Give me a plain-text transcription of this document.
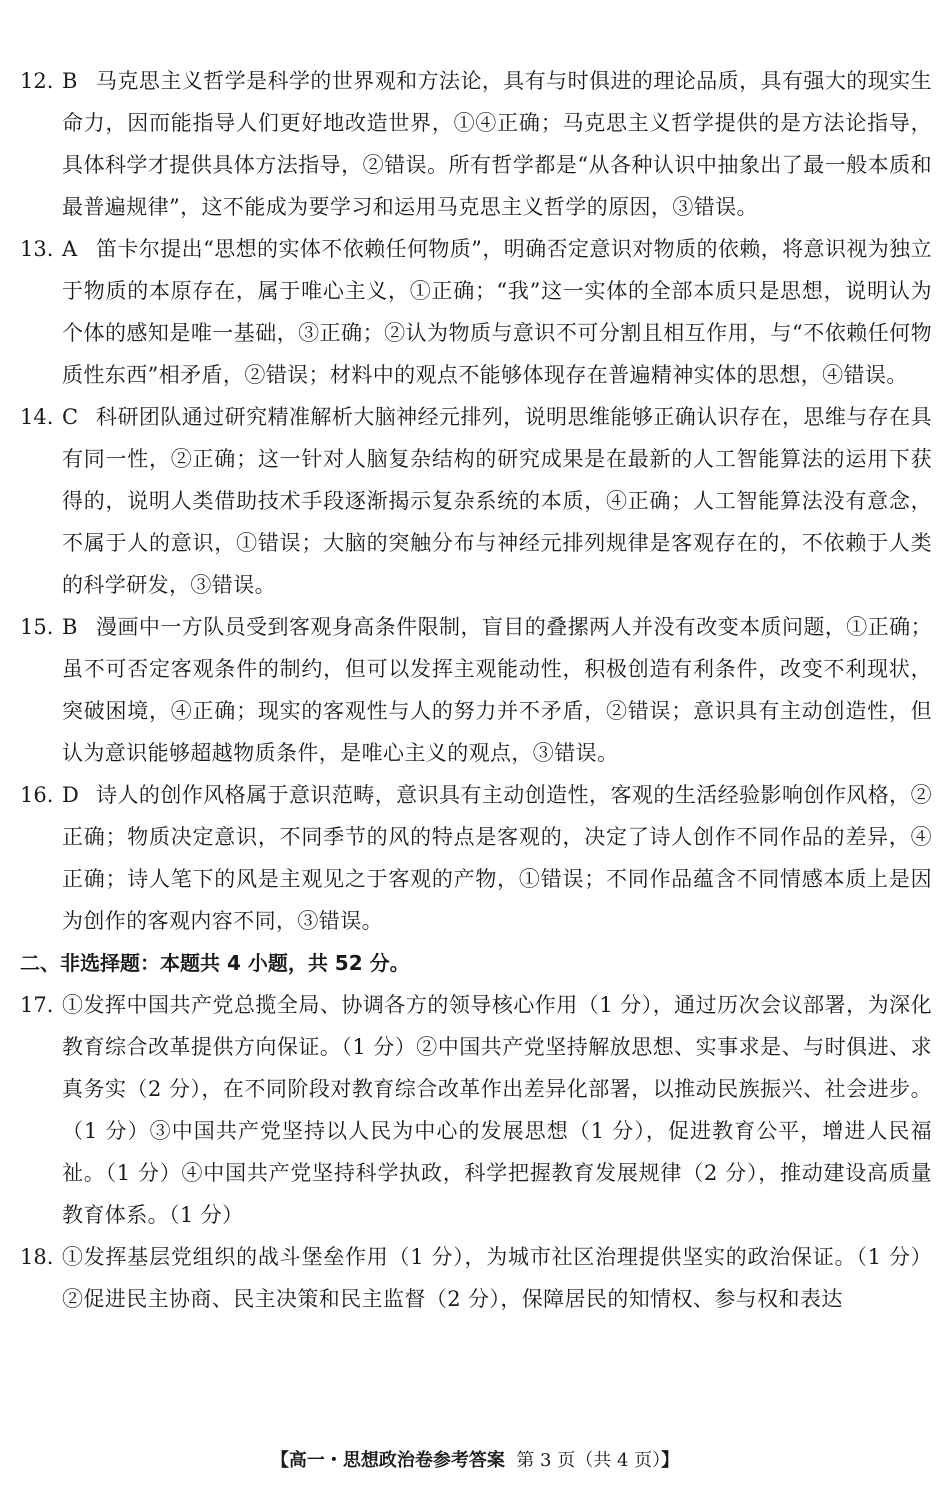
12. B 马克思主义哲学是科学的世界观和方法论，具有与时俱进的理论品质，具有强大的现实生命力，因而能指导人们更好地改造世界，①④正确；马克思主义哲学提供的是方法论指导，具体科学才提供具体方法指导，②错误。所有哲学都是“从各种认识中抽象出了最一般本质和最普遍规律”，这不能成为要学习和运用马克思主义哲学的原因，③错误。
13. A 笛卡尔提出“思想的实体不依赖任何物质”，明确否定意识对物质的依赖，将意识视为独立于物质的本原存在，属于唯心主义，①正确；“我”这一实体的全部本质只是思想，说明认为个体的感知是唯一基础，③正确；②认为物质与意识不可分割且相互作用，与“不依赖任何物质性东西”相矛盾，②错误；材料中的观点不能够体现存在普遍精神实体的思想，④错误。
14. C 科研团队通过研究精准解析大脑神经元排列，说明思维能够正确认识存在，思维与存在具有同一性，②正确；这一针对人脑复杂结构的研究成果是在最新的人工智能算法的运用下获得的，说明人类借助技术手段逐渐揭示复杂系统的本质，④正确；人工智能算法没有意念，不属于人的意识，①错误；大脑的突触分布与神经元排列规律是客观存在的，不依赖于人类的科学研发，③错误。
15. B 漫画中一方队员受到客观身高条件限制，盲目的叠摞两人并没有改变本质问题，①正确；虽不可否定客观条件的制约，但可以发挥主观能动性，积极创造有利条件，改变不利现状，突破困境，④正确；现实的客观性与人的努力并不矛盾，②错误；意识具有主动创造性，但认为意识能够超越物质条件，是唯心主义的观点，③错误。
16. D 诗人的创作风格属于意识范畴，意识具有主动创造性，客观的生活经验影响创作风格，②正确；物质决定意识，不同季节的风的特点是客观的，决定了诗人创作不同作品的差异，④正确；诗人笔下的风是主观见之于客观的产物，①错误；不同作品蕴含不同情感本质上是因为创作的客观内容不同，③错误。
二、非选择题：本题共 4 小题，共 52 分。
17. ①发挥中国共产党总揽全局、协调各方的领导核心作用（1 分），通过历次会议部署，为深化教育综合改革提供方向保证。（1 分）②中国共产党坚持解放思想、实事求是、与时俱进、求真务实（2 分），在不同阶段对教育综合改革作出差异化部署，以推动民族振兴、社会进步。（1 分）③中国共产党坚持以人民为中心的发展思想（1 分），促进教育公平，增进人民福祉。（1 分）④中国共产党坚持科学执政，科学把握教育发展规律（2 分），推动建设高质量教育体系。（1 分）
18. ①发挥基层党组织的战斗堡垒作用（1 分），为城市社区治理提供坚实的政治保证。（1 分）②促进民主协商、民主决策和民主监督（2 分），保障居民的知情权、参与权和表达
【高一・思想政治卷参考答案 第 3 页（共 4 页）】
